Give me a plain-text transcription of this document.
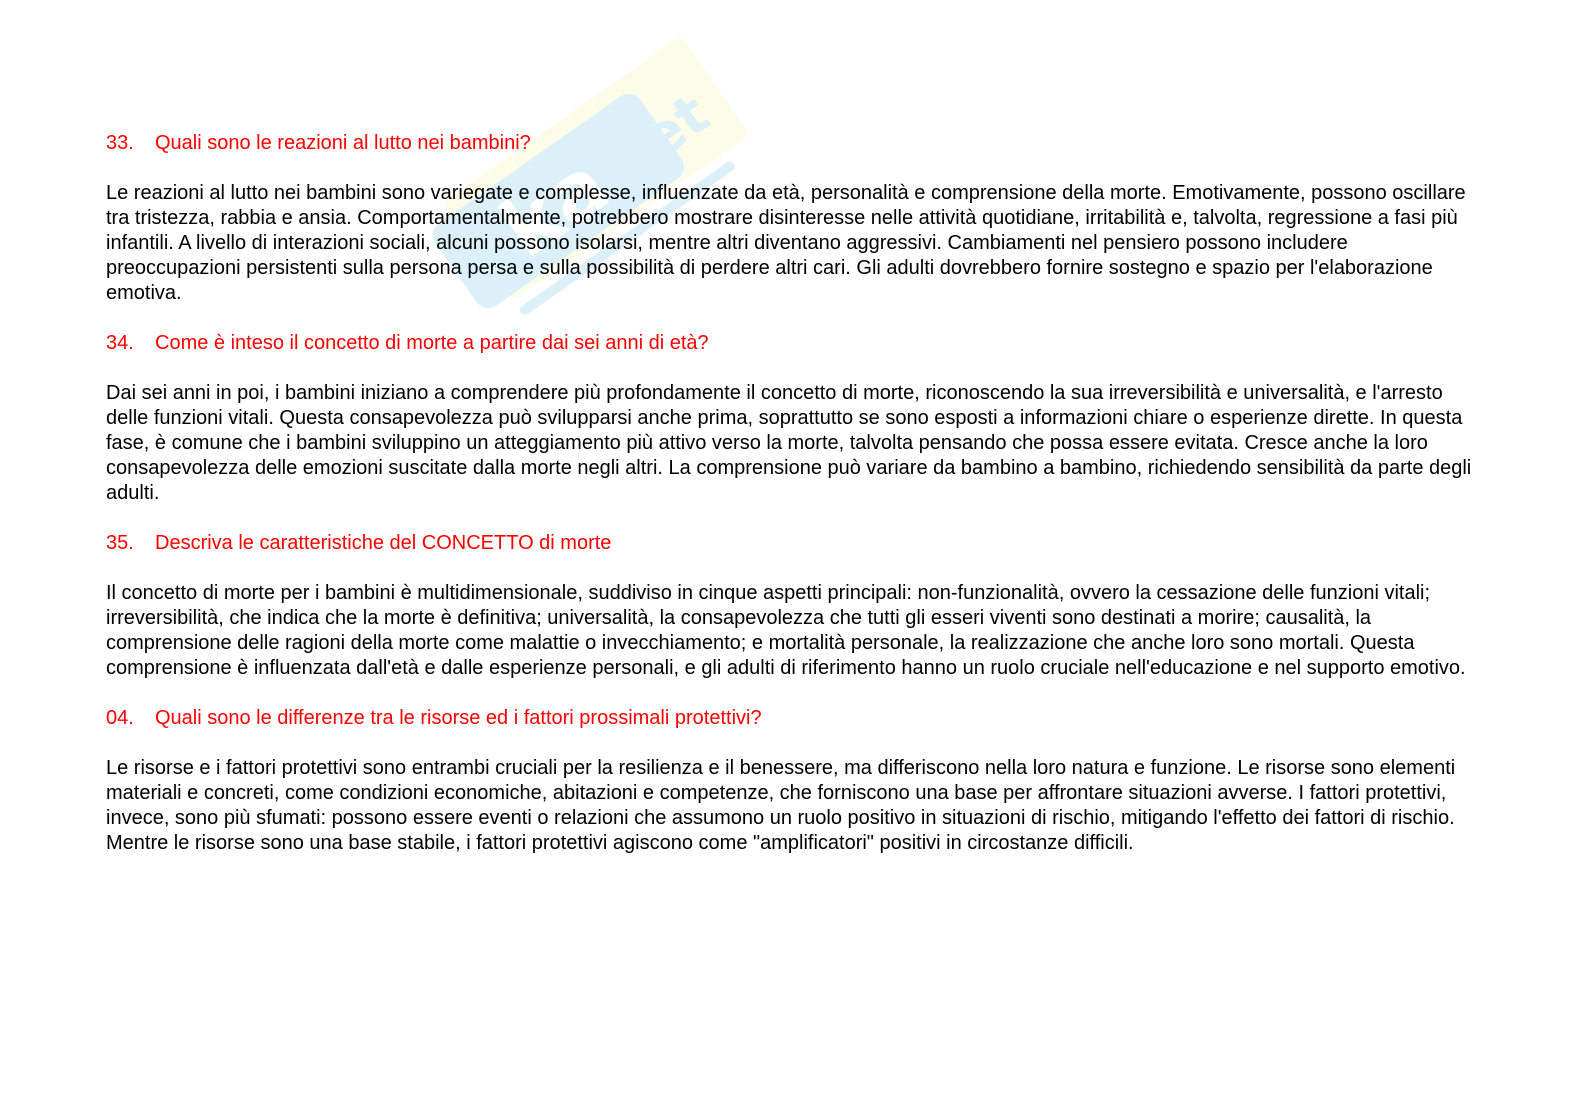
ka
.net

33. Quali sono le reazioni al lutto nei bambini?

Le reazioni al lutto nei bambini sono variegate e complesse, influenzate da età, personalità e comprensione della morte. Emotivamente, possono oscillare tra tristezza, rabbia e ansia. Comportamentalmente, potrebbero mostrare disinteresse nelle attività quotidiane, irritabilità e, talvolta, regressione a fasi più infantili. A livello di interazioni sociali, alcuni possono isolarsi, mentre altri diventano aggressivi. Cambiamenti nel pensiero possono includere preoccupazioni persistenti sulla persona persa e sulla possibilità di perdere altri cari. Gli adulti dovrebbero fornire sostegno e spazio per l'elaborazione emotiva.

34. Come è inteso il concetto di morte a partire dai sei anni di età?

Dai sei anni in poi, i bambini iniziano a comprendere più profondamente il concetto di morte, riconoscendo la sua irreversibilità e universalità, e l'arresto delle funzioni vitali. Questa consapevolezza può svilupparsi anche prima, soprattutto se sono esposti a informazioni chiare o esperienze dirette. In questa fase, è comune che i bambini sviluppino un atteggiamento più attivo verso la morte, talvolta pensando che possa essere evitata. Cresce anche la loro consapevolezza delle emozioni suscitate dalla morte negli altri. La comprensione può variare da bambino a bambino, richiedendo sensibilità da parte degli adulti.

35. Descriva le caratteristiche del CONCETTO di morte

Il concetto di morte per i bambini è multidimensionale, suddiviso in cinque aspetti principali: non-funzionalità, ovvero la cessazione delle funzioni vitali; irreversibilità, che indica che la morte è definitiva; universalità, la consapevolezza che tutti gli esseri viventi sono destinati a morire; causalità, la comprensione delle ragioni della morte come malattie o invecchiamento; e mortalità personale, la realizzazione che anche loro sono mortali. Questa comprensione è influenzata dall'età e dalle esperienze personali, e gli adulti di riferimento hanno un ruolo cruciale nell'educazione e nel supporto emotivo.

04. Quali sono le differenze tra le risorse ed i fattori prossimali protettivi?

Le risorse e i fattori protettivi sono entrambi cruciali per la resilienza e il benessere, ma differiscono nella loro natura e funzione. Le risorse sono elementi materiali e concreti, come condizioni economiche, abitazioni e competenze, che forniscono una base per affrontare situazioni avverse. I fattori protettivi, invece, sono più sfumati: possono essere eventi o relazioni che assumono un ruolo positivo in situazioni di rischio, mitigando l'effetto dei fattori di rischio. Mentre le risorse sono una base stabile, i fattori protettivi agiscono come "amplificatori" positivi in circostanze difficili.
